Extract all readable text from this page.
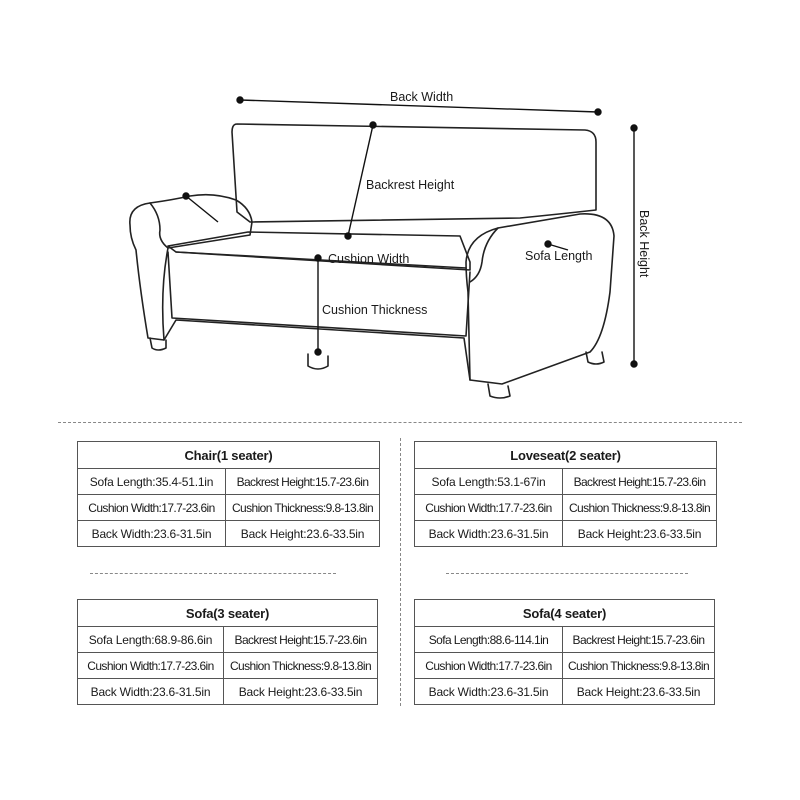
Back Width
Backrest Height
Sofa Length
Cushion Width
Cushion Thickness
Back Height
Chair(1 seater)	
Sofa Length:35.4-51.1in	Backrest Height:15.7-23.6in
Cushion Width:17.7-23.6in	Cushion Thickness:9.8-13.8in
Back Width:23.6-31.5in	Back Height:23.6-33.5in
Loveseat(2 seater)	
Sofa Length:53.1-67in	Backrest Height:15.7-23.6in
Cushion Width:17.7-23.6in	Cushion Thickness:9.8-13.8in
Back Width:23.6-31.5in	Back Height:23.6-33.5in
Sofa(3 seater)	
Sofa Length:68.9-86.6in	Backrest Height:15.7-23.6in
Cushion Width:17.7-23.6in	Cushion Thickness:9.8-13.8in
Back Width:23.6-31.5in	Back Height:23.6-33.5in
Sofa(4 seater)	
Sofa Length:88.6-114.1in	Backrest Height:15.7-23.6in
Cushion Width:17.7-23.6in	Cushion Thickness:9.8-13.8in
Back Width:23.6-31.5in	Back Height:23.6-33.5in
